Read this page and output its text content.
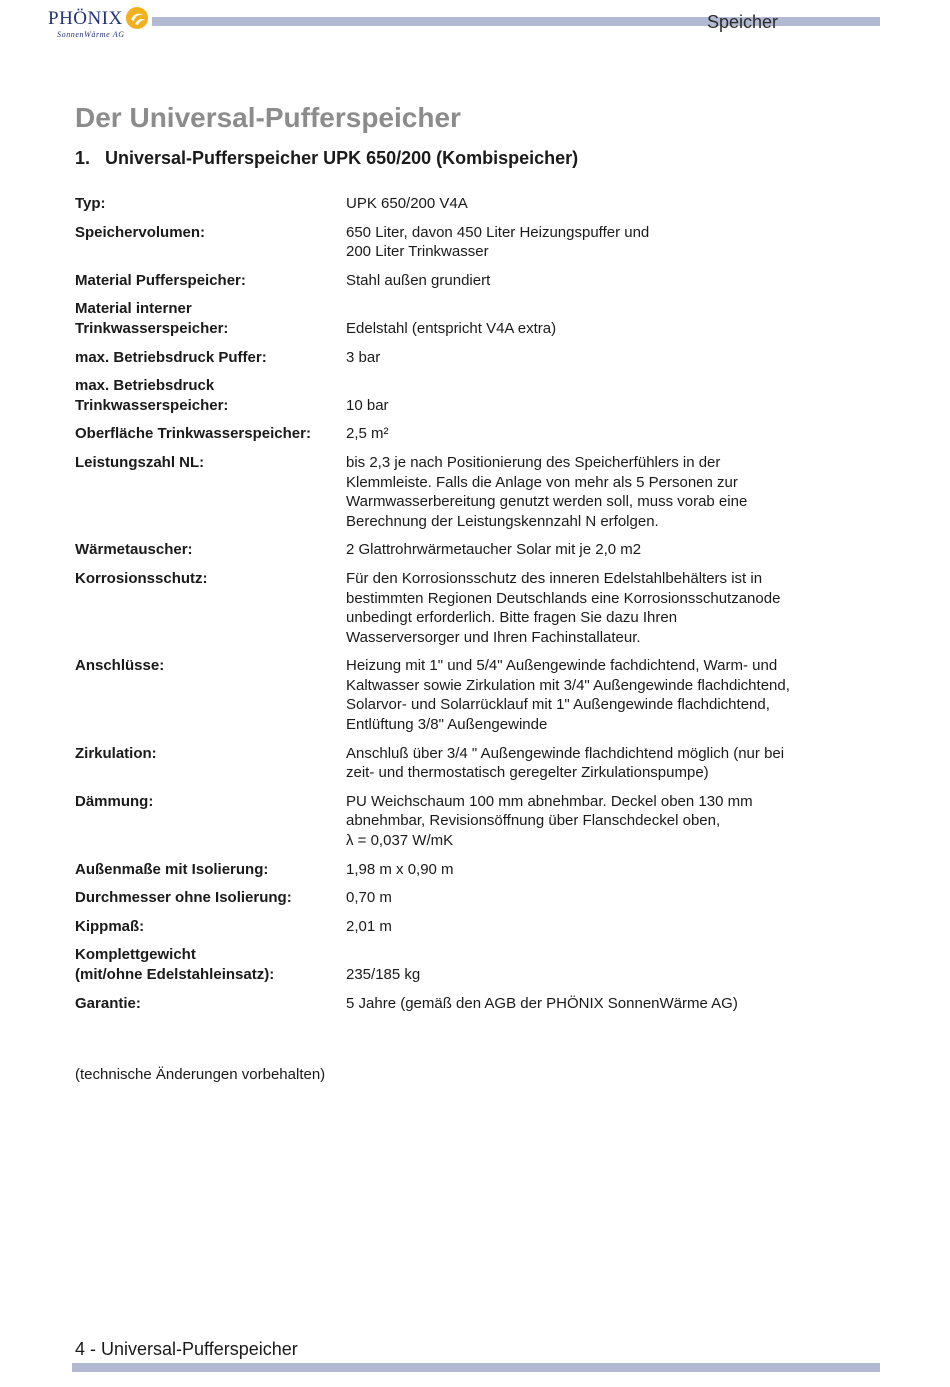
PHÖNIX
SonnenWärme AG
Speicher
Der Universal-Pufferspeicher
1. Universal-Pufferspeicher UPK 650/200 (Kombispeicher)
Typ:	UPK 650/200 V4A
Speichervolumen:	650 Liter, davon 450 Liter Heizungspuffer und
200 Liter Trinkwasser
Material Pufferspeicher:	Stahl außen grundiert
Material interner
Trinkwasserspeicher:
	Edelstahl (entspricht V4A extra)
max. Betriebsdruck Puffer:	3 bar
max. Betriebsdruck
Trinkwasserspeicher:
	10 bar
Oberfläche Trinkwasserspeicher:	2,5 m²
Leistungszahl NL:	bis 2,3 je nach Positionierung des Speicherfühlers in der
Klemmleiste. Falls die Anlage von mehr als 5 Personen zur
Warmwasserbereitung genutzt werden soll, muss vorab eine
Berechnung der Leistungskennzahl N erfolgen.
Wärmetauscher:	2 Glattrohrwärmetaucher Solar mit je 2,0 m2
Korrosionsschutz:	Für den Korrosionsschutz des inneren Edelstahlbehälters ist in
bestimmten Regionen Deutschlands eine Korrosionsschutzanode
unbedingt erforderlich. Bitte fragen Sie dazu Ihren
Wasserversorger und Ihren Fachinstallateur.
Anschlüsse:	Heizung mit 1" und 5/4" Außengewinde fachdichtend, Warm- und
Kaltwasser sowie Zirkulation mit 3/4" Außengewinde flachdichtend,
Solarvor- und Solarrücklauf mit 1" Außengewinde flachdichtend,
Entlüftung 3/8" Außengewinde
Zirkulation:	Anschluß über 3/4 " Außengewinde flachdichtend möglich (nur bei
zeit- und thermostatisch geregelter Zirkulationspumpe)
Dämmung:	PU Weichschaum 100 mm abnehmbar. Deckel oben 130 mm
abnehmbar, Revisionsöffnung über Flanschdeckel oben,
λ = 0,037 W/mK
Außenmaße mit Isolierung:	1,98 m x 0,90 m
Durchmesser ohne Isolierung:	0,70 m
Kippmaß:	2,01 m
Komplettgewicht
(mit/ohne Edelstahleinsatz):
	235/185 kg
Garantie:	5 Jahre (gemäß den AGB der PHÖNIX SonnenWärme AG)
(technische Änderungen vorbehalten)
4 - Universal-Pufferspeicher
